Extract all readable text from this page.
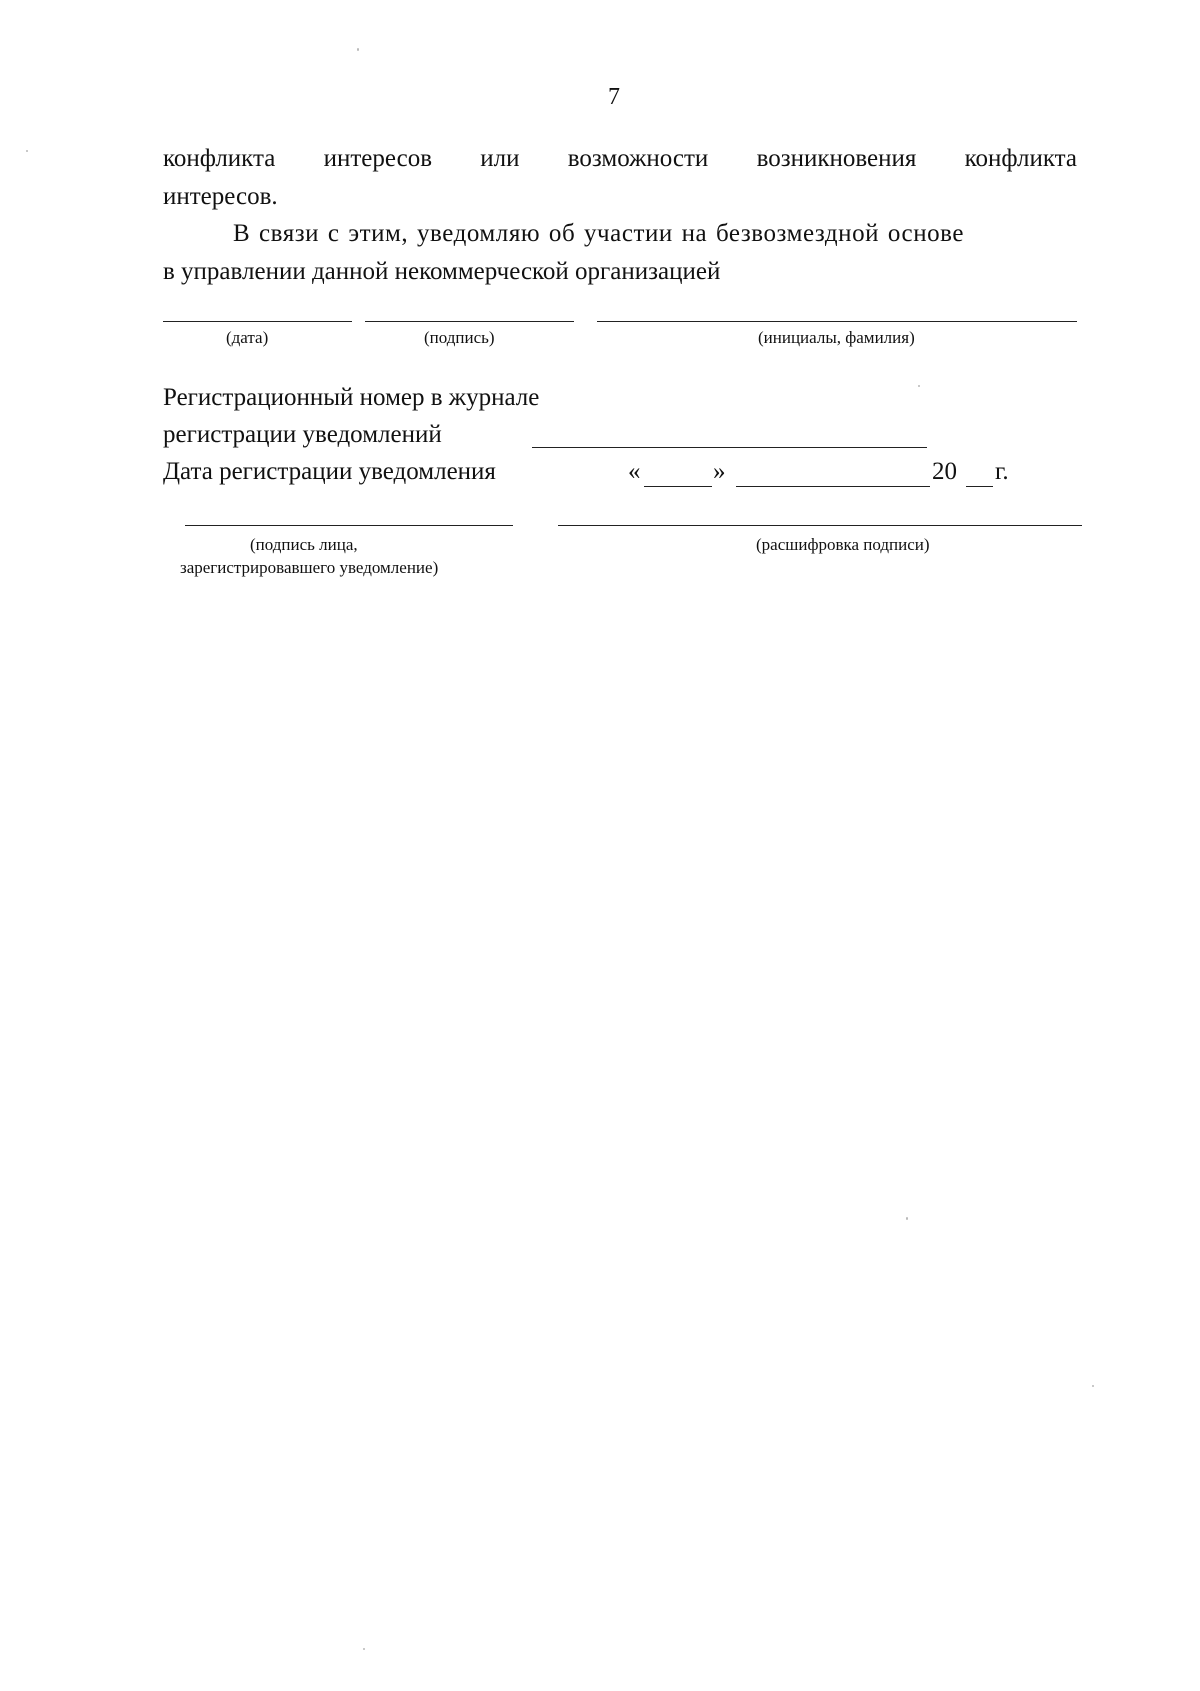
7
конфликта интересов или возможности возникновения конфликта
интересов.
В связи с этим, уведомляю об участии на безвозмездной основе
в управлении данной некоммерческой организацией
(дата)	(подпись)	(инициалы, фамилия)
Регистрационный номер в журнале
регистрации уведомлений
Дата регистрации уведомления	«	»	20 г.
(подпись лица,
зарегистрировавшего уведомление)
(расшифровка подписи)
